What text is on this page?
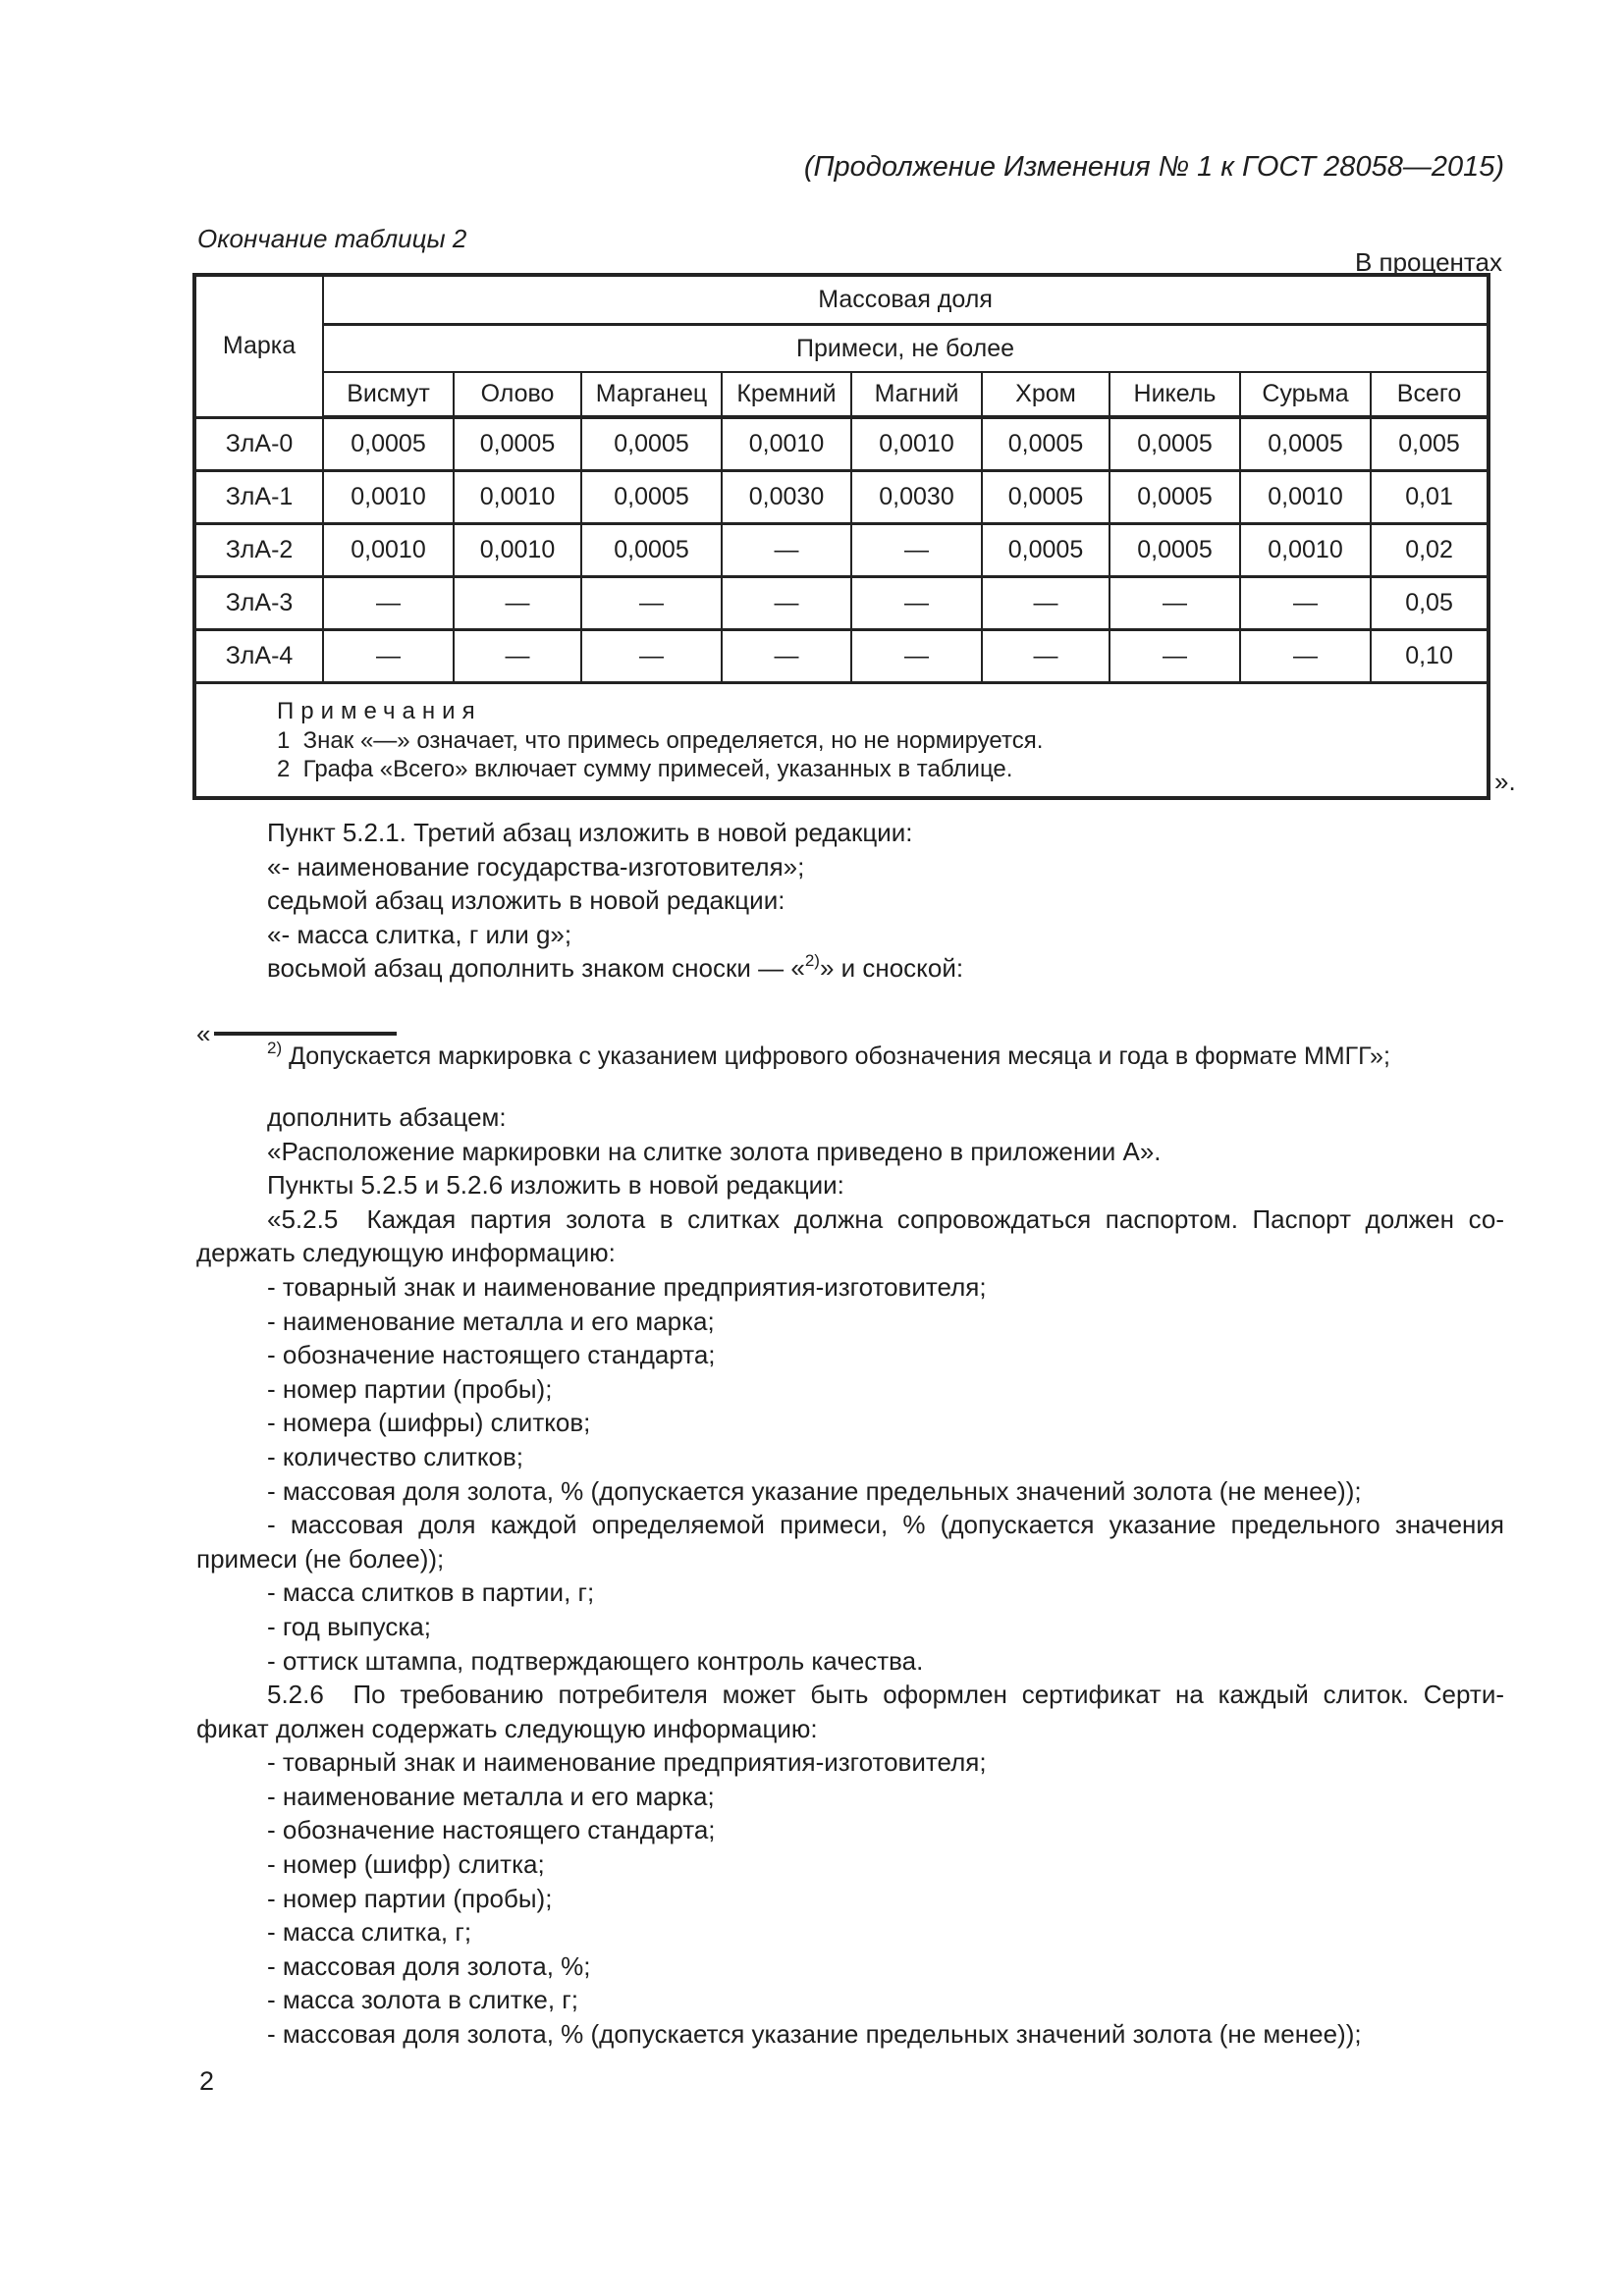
(Продолжение Изменения № 1 к ГОСТ 28058—2015)
Окончание таблицы 2
В процентах
Марка	Массовая доля								
	Примеси, не более								
	Висмут	Олово	Марганец	Кремний	Магний	Хром	Никель	Сурьма	Всего
ЗлА-0	0,0005	0,0005	0,0005	0,0010	0,0010	0,0005	0,0005	0,0005	0,005
ЗлА-1	0,0010	0,0010	0,0005	0,0030	0,0030	0,0005	0,0005	0,0010	0,01
ЗлА-2	0,0010	0,0010	0,0005	—	—	0,0005	0,0005	0,0010	0,02
ЗлА-3	—	—	—	—	—	—	—	—	0,05
ЗлА-4	—	—	—	—	—	—	—	—	0,10

Примечания
1  Знак «—» означает, что примесь определяется, но не нормируется.
2  Графа «Всего» включает сумму примесей, указанных в таблице.										».
Пункт 5.2.1. Третий абзац изложить в новой редакции:
«- наименование государства-изготовителя»;
седьмой абзац изложить в новой редакции:
«- масса слитка, г или g»;
восьмой абзац дополнить знаком сноски — «$^{2)}$» и сноской:
«	$^{2)}$ Допускается маркировка с указанием цифрового обозначения месяца и года в формате ММГГ»;
дополнить абзацем:
«Расположение маркировки на слитке золота приведено в приложении А».
Пункты 5.2.5 и 5.2.6 изложить в новой редакции:
«5.2.5  Каждая партия золота в слитках должна сопровождаться паспортом. Паспорт должен со-
держать следующую информацию:
- товарный знак и наименование предприятия-изготовителя;
- наименование металла и его марка;
- обозначение настоящего стандарта;
- номер партии (пробы);
- номера (шифры) слитков;
- количество слитков;
- массовая доля золота, % (допускается указание предельных значений золота (не менее));
- массовая доля каждой определяемой примеси, % (допускается указание предельного значения
примеси (не более));
- масса слитков в партии, г;
- год выпуска;
- оттиск штампа, подтверждающего контроль качества.
5.2.6  По требованию потребителя может быть оформлен сертификат на каждый слиток. Серти-
фикат должен содержать следующую информацию:
- товарный знак и наименование предприятия-изготовителя;
- наименование металла и его марка;
- обозначение настоящего стандарта;
- номер (шифр) слитка;
- номер партии (пробы);
- масса слитка, г;
- массовая доля золота, %;
- масса золота в слитке, г;
- массовая доля золота, % (допускается указание предельных значений золота (не менее));
2
